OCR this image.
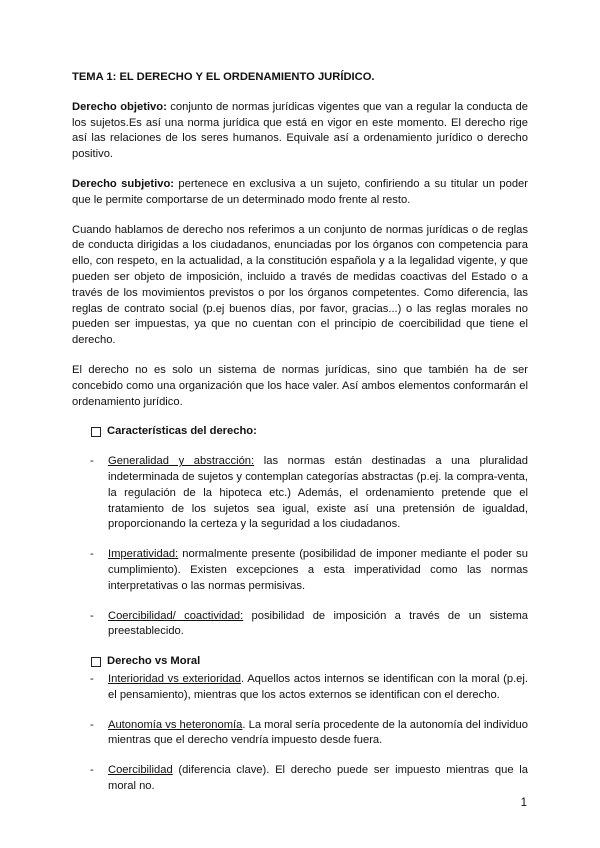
TEMA 1: EL DERECHO Y EL ORDENAMIENTO JURÍDICO.

Derecho objetivo: conjunto de normas jurídicas vigentes que van a regular la conducta de los sujetos.Es así una norma jurídica que está en vigor en este momento. El derecho rige así las relaciones de los seres humanos. Equivale así a ordenamiento jurídico o derecho positivo.

Derecho subjetivo: pertenece en exclusiva a un sujeto, confiriendo a su titular un poder que le permite comportarse de un determinado modo frente al resto.

Cuando hablamos de derecho nos referimos a un conjunto de normas jurídicas o de reglas de conducta dirigidas a los ciudadanos, enunciadas por los órganos con competencia para ello, con respeto, en la actualidad, a la constitución española y a la legalidad vigente, y que pueden ser objeto de imposición, incluido a través de medidas coactivas del Estado o a través de los movimientos previstos o por los órganos competentes. Como diferencia, las reglas de contrato social (p.ej buenos días, por favor, gracias...) o las reglas morales no pueden ser impuestas, ya que no cuentan con el principio de coercibilidad que tiene el derecho.

El derecho no es solo un sistema de normas jurídicas, sino que también ha de ser concebido como una organización que los hace valer. Así ambos elementos conformarán el ordenamiento jurídico.

Características del derecho:
-	Generalidad y abstracción: las normas están destinadas a una pluralidad indeterminada de sujetos y contemplan categorías abstractas (p.ej. la compra-venta, la regulación de la hipoteca etc.) Además, el ordenamiento pretende que el tratamiento de los sujetos sea igual, existe así una pretensión de igualdad, proporcionando la certeza y la seguridad a los ciudadanos.
-	Imperatividad: normalmente presente (posibilidad de imponer mediante el poder su cumplimiento). Existen excepciones a esta imperatividad como las normas interpretativas o las normas permisivas.
-	Coercibilidad/ coactividad: posibilidad de imposición a través de un sistema preestablecido.
Derecho vs Moral
-	Interioridad vs exterioridad. Aquellos actos internos se identifican con la moral (p.ej. el pensamiento), mientras que los actos externos se identifican con el derecho.
-	Autonomía vs heteronomía. La moral sería procedente de la autonomía del individuo mientras que el derecho vendría impuesto desde fuera.
-	Coercibilidad (diferencia clave). El derecho puede ser impuesto mientras que la moral no.
1
